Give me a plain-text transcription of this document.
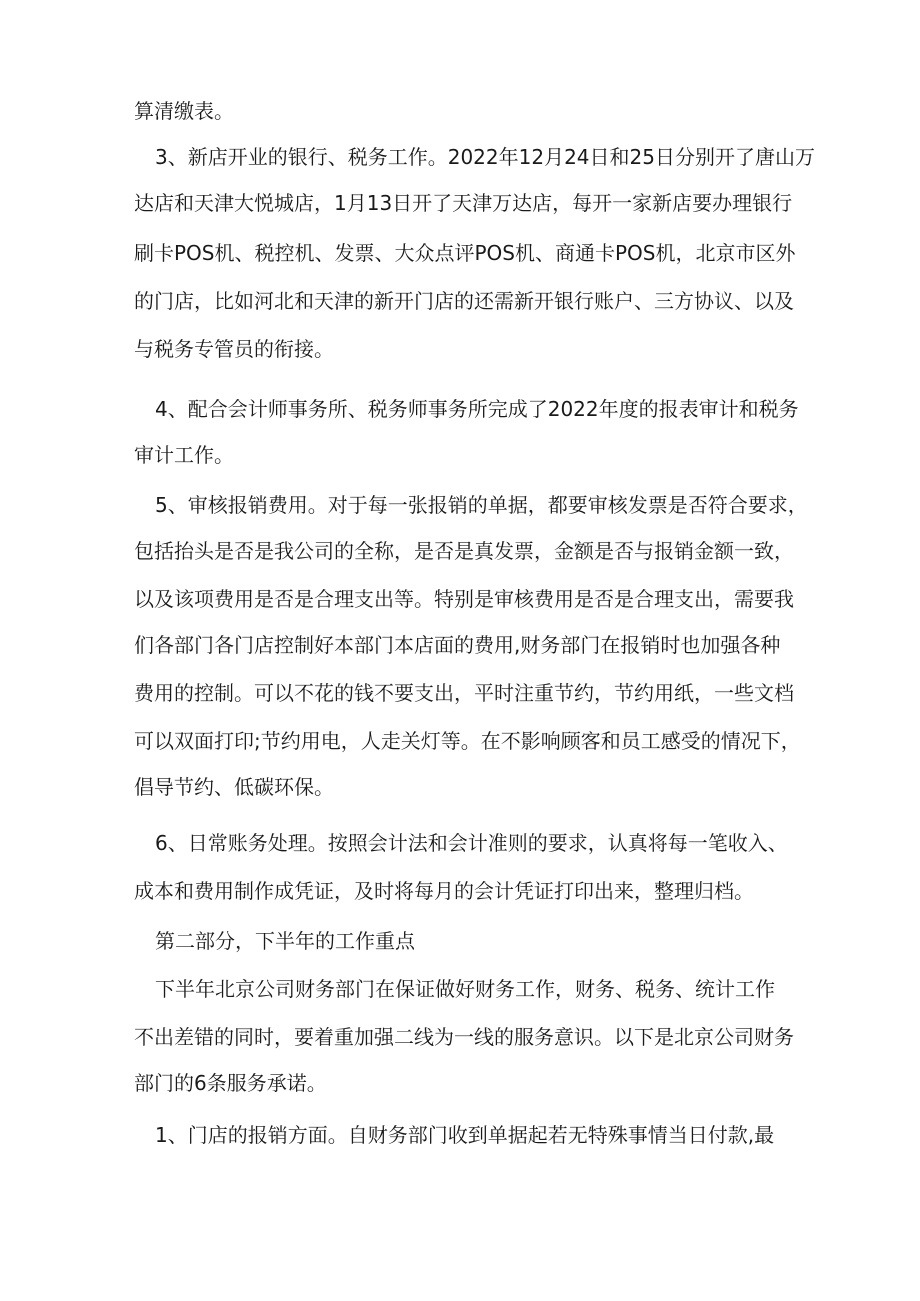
算清缴表。

3、新店开业的银行、税务工作。2022年12月24日和25日分别开了唐山万

达店和天津大悦城店，1月13日开了天津万达店，每开一家新店要办理银行

刷卡POS机、税控机、发票、大众点评POS机、商通卡POS机，北京市区外

的门店，比如河北和天津的新开门店的还需新开银行账户、三方协议、以及

与税务专管员的衔接。

4、配合会计师事务所、税务师事务所完成了2022年度的报表审计和税务

审计工作。

5、审核报销费用。对于每一张报销的单据，都要审核发票是否符合要求，

包括抬头是否是我公司的全称，是否是真发票，金额是否与报销金额一致，

以及该项费用是否是合理支出等。特别是审核费用是否是合理支出，需要我

们各部门各门店控制好本部门本店面的费用,财务部门在报销时也加强各种

费用的控制。可以不花的钱不要支出，平时注重节约，节约用纸，一些文档

可以双面打印;节约用电，人走关灯等。在不影响顾客和员工感受的情况下，

倡导节约、低碳环保。

6、日常账务处理。按照会计法和会计准则的要求，认真将每一笔收入、

成本和费用制作成凭证，及时将每月的会计凭证打印出来，整理归档。

第二部分，下半年的工作重点

下半年北京公司财务部门在保证做好财务工作，财务、税务、统计工作

不出差错的同时，要着重加强二线为一线的服务意识。以下是北京公司财务

部门的6条服务承诺。

1、门店的报销方面。自财务部门收到单据起若无特殊事情当日付款,最
